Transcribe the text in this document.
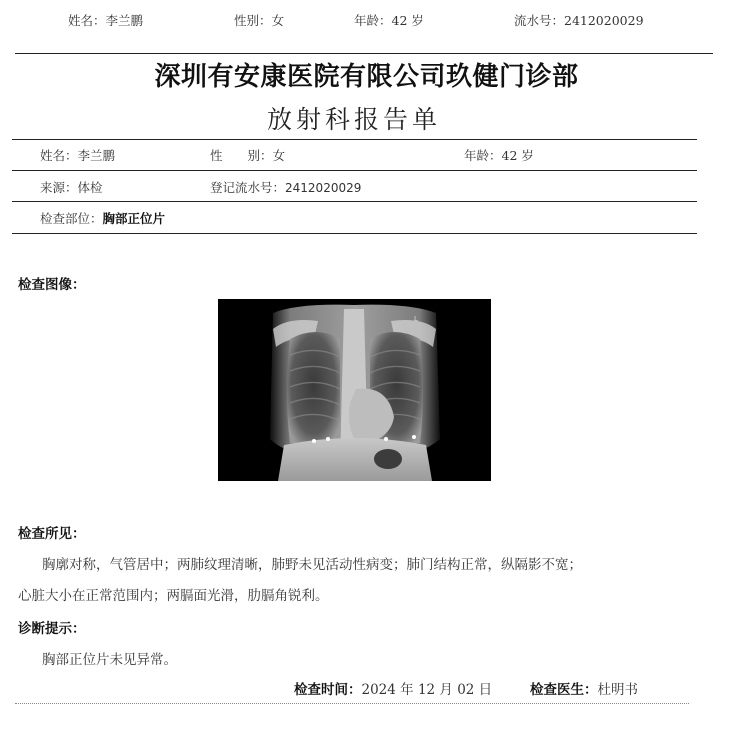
姓名：李兰鹏	性别：女	年龄：42 岁	流水号：2412020029
深圳有安康医院有限公司玖健门诊部
放射科报告单
姓名：李兰鹏	性　　别：女	年龄：42 岁
来源：体检	登记流水号：2412020029
检查部位：胸部正位片
检查图像：
L
检查所见：
胸廓对称，气管居中；两肺纹理清晰，肺野未见活动性病变；肺门结构正常，纵隔影不宽；
心脏大小在正常范围内；两膈面光滑，肋膈角锐利。
诊断提示：
胸部正位片未见异常。
检查时间：2024 年 12 月 02 日	检查医生：杜明书
